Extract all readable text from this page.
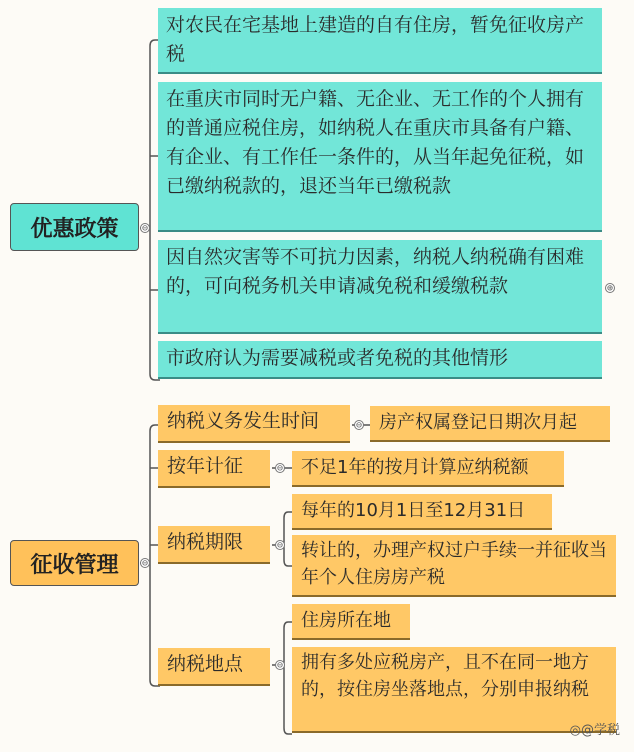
优惠政策	⊖
对农民在宅基地上建造的自有住房，暂免征收房产税
在重庆市同时无户籍、无企业、无工作的个人拥有的普通应税住房，如纳税人在重庆市具备有户籍、有企业、有工作任一条件的，从当年起免征税，如已缴纳税款的，退还当年已缴税款
因自然灾害等不可抗力因素，纳税人纳税确有困难的，可向税务机关申请减免税和缓缴税款	⊕
市政府认为需要减税或者免税的其他情形
征收管理	⊖
纳税义务发生时间	⊖ 房产权属登记日期次月起
按年计征	⊖ 不足1年的按月计算应纳税额
纳税期限	⊖
每年的10月1日至12月31日
转让的，办理产权过户手续一并征收当年个人住房房产税
纳税地点	⊖
住房所在地
拥有多处应税房产，且不在同一地方的，按住房坐落地点，分别申报纳税
◎@学税
